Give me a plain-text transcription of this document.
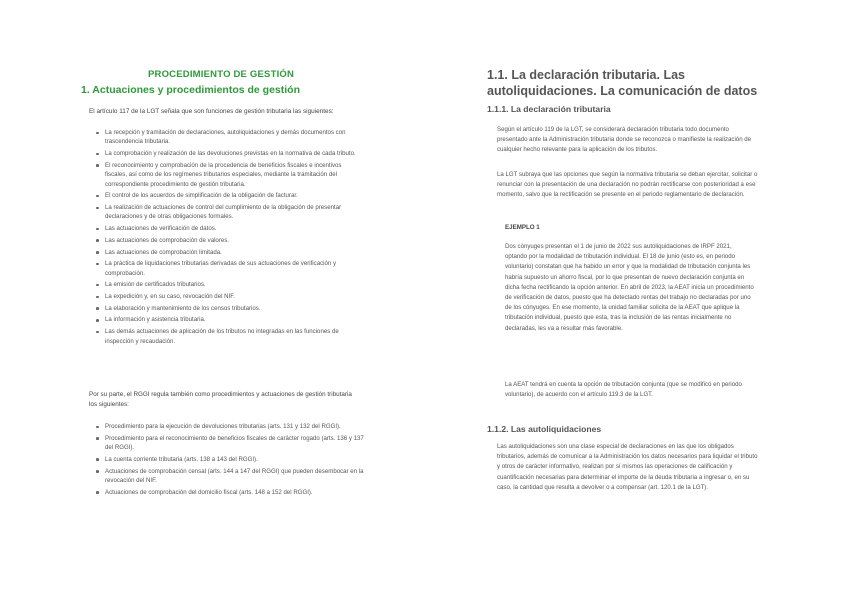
PROCEDIMIENTO DE GESTIÓN
1. Actuaciones y procedimientos de gestión

El artículo 117 de la LGT señala que son funciones de gestión tributaria las siguientes:

La recepción y tramitación de declaraciones, autoliquidaciones y demás documentos con trascendencia tributaria.
La comprobación y realización de las devoluciones previstas en la normativa de cada tributo.
El reconocimiento y comprobación de la procedencia de beneficios fiscales e incentivos fiscales, así como de los regímenes tributarios especiales, mediante la tramitación del correspondiente procedimiento de gestión tributaria.
El control de los acuerdos de simplificación de la obligación de facturar.
La realización de actuaciones de control del cumplimiento de la obligación de presentar declaraciones y de otras obligaciones formales.
Las actuaciones de verificación de datos.
Las actuaciones de comprobación de valores.
Las actuaciones de comprobación limitada.
La práctica de liquidaciones tributarias derivadas de sus actuaciones de verificación y comprobación.
La emisión de certificados tributarios.
La expedición y, en su caso, revocación del NIF.
La elaboración y mantenimiento de los censos tributarios.
La información y asistencia tributaria.
Las demás actuaciones de aplicación de los tributos no integradas en las funciones de inspección y recaudación.

Por su parte, el RGGI regula también como procedimientos y actuaciones de gestión tributaria los siguientes:

Procedimiento para la ejecución de devoluciones tributarias (arts. 131 y 132 del RGGI).
Procedimiento para el reconocimiento de beneficios fiscales de carácter rogado (arts. 136 y 137 del RGGI).
La cuenta corriente tributaria (arts. 138 a 143 del RGGI).
Actuaciones de comprobación censal (arts. 144 a 147 del RGGI) que pueden desembocar en la revocación del NIF.
Actuaciones de comprobación del domicilio fiscal (arts. 148 a 152 del RGGI).
1.1. La declaración tributaria. Las autoliquidaciones. La comunicación de datos
1.1.1. La declaración tributaria

Según el artículo 119 de la LGT, se considerará declaración tributaria todo documento presentado ante la Administración tributaria donde se reconozca o manifieste la realización de cualquier hecho relevante para la aplicación de los tributos.

La LGT subraya que las opciones que según la normativa tributaria se deban ejercitar, solicitar o renunciar con la presentación de una declaración no podrán rectificarse con posterioridad a ese momento, salvo que la rectificación se presente en el periodo reglamentario de declaración.

EJEMPLO 1

Dos cónyuges presentan el 1 de junio de 2022 sus autoliquidaciones de IRPF 2021, optando por la modalidad de tributación individual. El 18 de junio (esto es, en periodo voluntario) constatan que ha habido un error y que la modalidad de tributación conjunta les habría supuesto un ahorro fiscal, por lo que presentan de nuevo declaración conjunta en dicha fecha rectificando la opción anterior. En abril de 2023, la AEAT inicia un procedimiento de verificación de datos, puesto que ha detectado rentas del trabajo no declaradas por uno de los cónyuges. En ese momento, la unidad familiar solicita de la AEAT que aplique la tributación individual, puesto que esta, tras la inclusión de las rentas inicialmente no declaradas, les va a resultar más favorable.

La AEAT tendrá en cuenta la opción de tributación conjunta (que se modificó en periodo voluntario), de acuerdo con el artículo 119.3 de la LGT.

1.1.2. Las autoliquidaciones

Las autoliquidaciones son una clase especial de declaraciones en las que los obligados tributarios, además de comunicar a la Administración los datos necesarios para liquidar el tributo y otros de carácter informativo, realizan por sí mismos las operaciones de calificación y cuantificación necesarias para determinar el importe de la deuda tributaria a ingresar o, en su caso, la cantidad que resulta a devolver o a compensar (art. 120.1 de la LGT).
